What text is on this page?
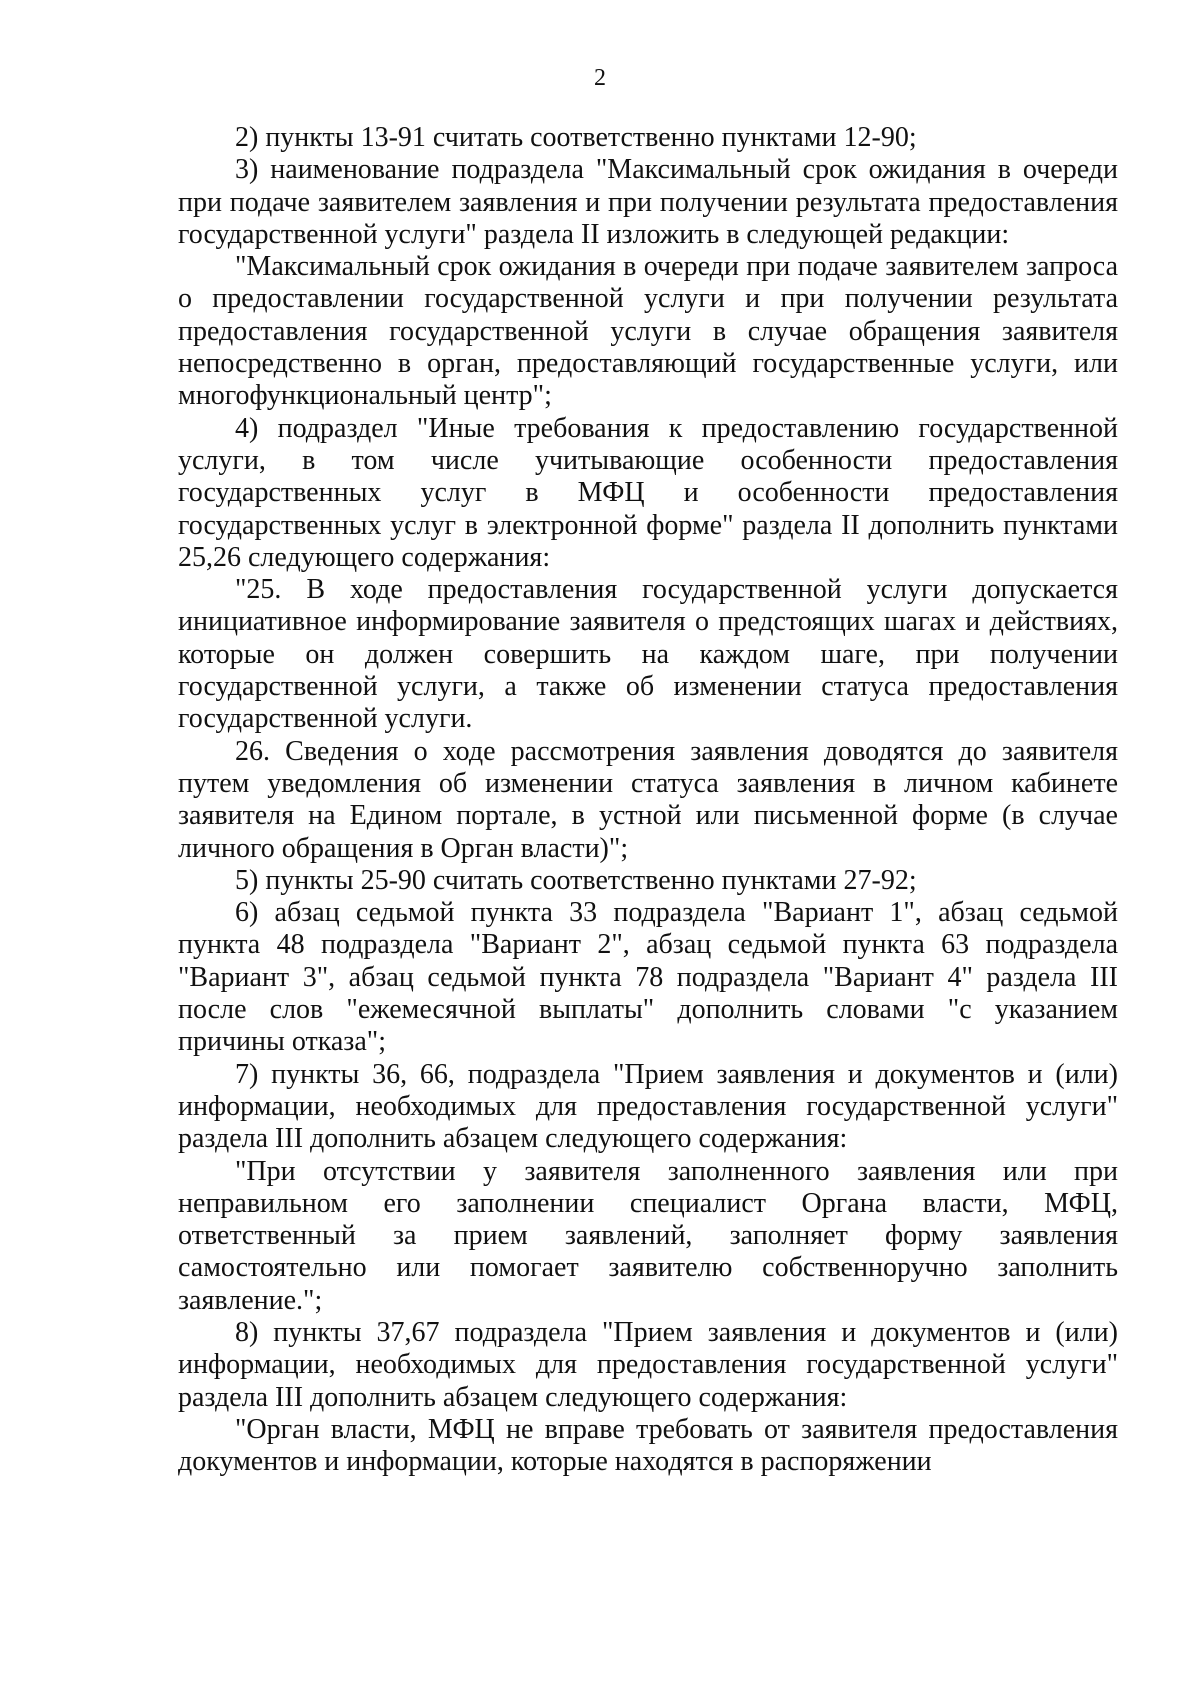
2

2) пункты 13-91 считать соответственно пунктами 12-90;

3) наименование подраздела "Максимальный срок ожидания в очереди при подаче заявителем заявления и при получении результата предоставления государственной услуги" раздела II изложить в следующей редакции:

"Максимальный срок ожидания в очереди при подаче заявителем запроса о предоставлении государственной услуги и при получении результата предоставления государственной услуги в случае обращения заявителя непосредственно в орган, предоставляющий государственные услуги, или многофункциональный центр";

4) подраздел "Иные требования к предоставлению государственной услуги, в том числе учитывающие особенности предоставления государственных услуг в МФЦ и особенности предоставления государственных услуг в электронной форме" раздела II дополнить пунктами 25,26 следующего содержания:

"25. В ходе предоставления государственной услуги допускается инициативное информирование заявителя о предстоящих шагах и действиях, которые он должен совершить на каждом шаге, при получении государственной услуги, а также об изменении статуса предоставления государственной услуги.

26. Сведения о ходе рассмотрения заявления доводятся до заявителя путем уведомления об изменении статуса заявления в личном кабинете заявителя на Едином портале, в устной или письменной форме (в случае личного обращения в Орган власти)";

5) пункты 25-90 считать соответственно пунктами 27-92;

6) абзац седьмой пункта 33 подраздела "Вариант 1", абзац седьмой пункта 48 подраздела "Вариант 2", абзац седьмой пункта 63 подраздела "Вариант 3", абзац седьмой пункта 78 подраздела "Вариант 4" раздела III после слов "ежемесячной выплаты" дополнить словами "с указанием причины отказа";

7) пункты 36, 66, подраздела "Прием заявления и документов и (или) информации, необходимых для предоставления государственной услуги" раздела III дополнить абзацем следующего содержания:

"При отсутствии у заявителя заполненного заявления или при неправильном его заполнении специалист Органа власти, МФЦ, ответственный за прием заявлений, заполняет форму заявления самостоятельно или помогает заявителю собственноручно заполнить заявление.";

8) пункты 37,67 подраздела "Прием заявления и документов и (или) информации, необходимых для предоставления государственной услуги" раздела III дополнить абзацем следующего содержания:

"Орган власти, МФЦ не вправе требовать от заявителя предоставления документов и информации, которые находятся в распоряжении
